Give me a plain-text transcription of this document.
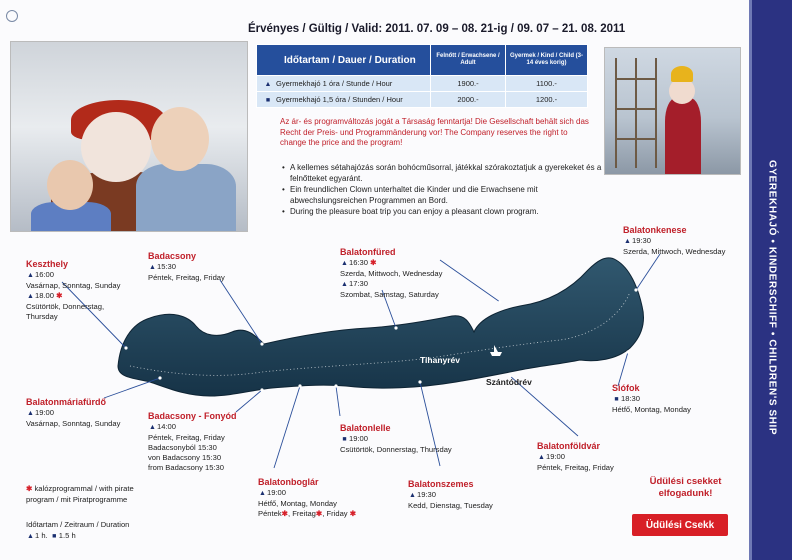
GYEREKHAJÓ • KINDERSCHIFF • CHILDREN'S SHIP
Érvényes / Gültig / Valid: 2011. 07. 09 – 08. 21-ig / 09. 07 – 21. 08. 2011
Időtartam / Dauer / Duration	Felnőtt / Erwachsene / Adult	Gyermek / Kind / Child (3-14 éves korig)
▲ Gyermekhajó 1 óra / Stunde / Hour	1900.-	1100.-
■ Gyermekhajó 1,5 óra / Stunden / Hour	2000.-	1200.-
Az ár- és programváltozás jogát a Társaság fenntartja! Die Gesellschaft behält sich das Recht der Preis- und Programmänderung vor! The Company reserves the right to change the price and the program!
• A kellemes sétahajózás során bohócműsorral, játékkal szórakoztatjuk a gyerekeket és a felnőtteket egyaránt.
• Ein freundlichen Clown unterhaltet die Kinder und die Erwachsene mit abwechslungsreichen Programmen an Bord.
• During the pleasure boat trip you can enjoy a pleasant clown program.
Tihanyrév
Szántódrév
Keszthely
▲16:00
Vasárnap, Sonntag, Sunday
▲18.00 ✱
Csütörtök, Donnerstag,
Thursday
Badacsony
▲15:30
Péntek, Freitag, Friday
Balatonfüred
▲16:30 ✱
Szerda, Mittwoch, Wednesday
▲17:30
Szombat, Samstag, Saturday
Balatonkenese
▲19:30
Szerda, Mittwoch, Wednesday
Balatonmáriafürdő
▲19:00
Vasárnap, Sonntag, Sunday
Badacsony - Fonyód
▲14:00
Péntek, Freitag, Friday
Badacsonyból 15:30
von Badacsony 15:30
from Badacsony 15:30
Balatonlelle
■ 19:00
Csütörtök, Donnerstag, Thursday
Siófok
■ 18:30
Hétfő, Montag, Monday
Balatonföldvár
▲19:00
Péntek, Freitag, Friday
Balatonszemes
▲19:30
Kedd, Dienstag, Tuesday
Balatonboglár
▲19:00
Hétfő, Montag, Monday
Péntek✱, Freitag✱, Friday ✱
✱ kalózprogrammal / with pirate
program / mit Piratprogramme
Időtartam / Zeitraum / Duration
▲1 h. ■ 1.5 h
Üdülési csekket
elfogadunk!
Üdülési Csekk
